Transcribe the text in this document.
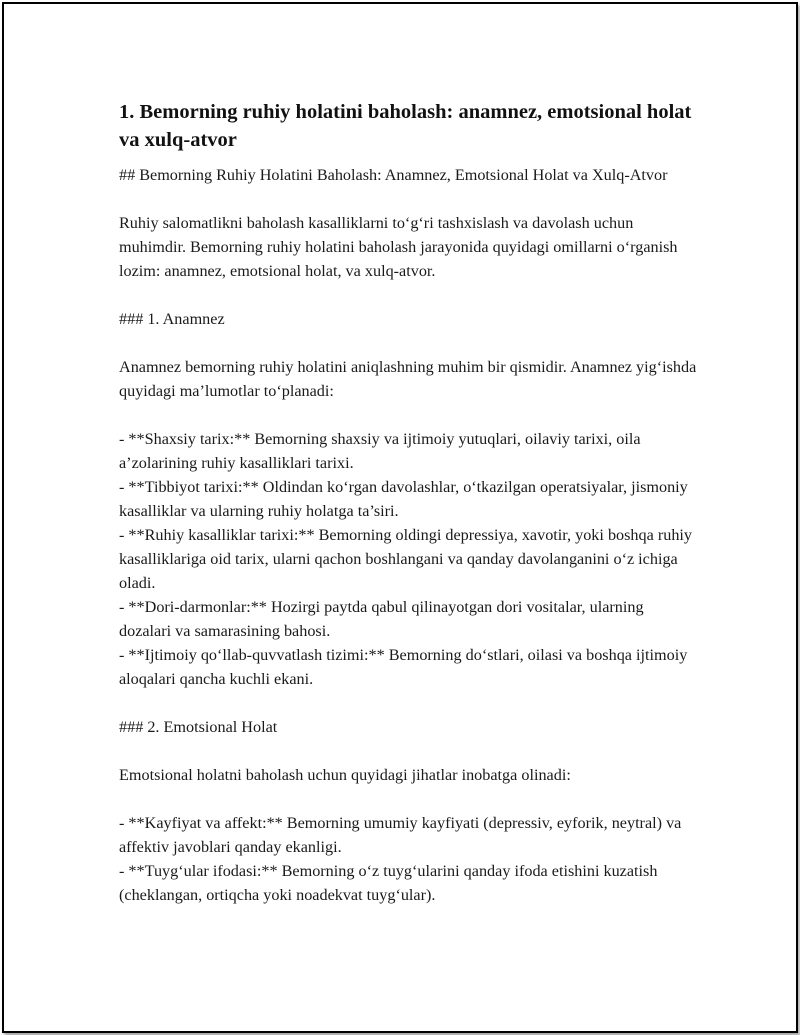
1. Bemorning ruhiy holatini baholash: anamnez, emotsional holat va xulq-atvor

## Bemorning Ruhiy Holatini Baholash: Anamnez, Emotsional Holat va Xulq-Atvor

Ruhiy salomatlikni baholash kasalliklarni to‘g‘ri tashxislash va davolash uchun muhimdir. Bemorning ruhiy holatini baholash jarayonida quyidagi omillarni o‘rganish lozim: anamnez, emotsional holat, va xulq-atvor.

### 1. Anamnez

Anamnez bemorning ruhiy holatini aniqlashning muhim bir qismidir. Anamnez yig‘ishda quyidagi ma’lumotlar to‘planadi:

- **Shaxsiy tarix:** Bemorning shaxsiy va ijtimoiy yutuqlari, oilaviy tarixi, oila a’zolarining ruhiy kasalliklari tarixi.
- **Tibbiyot tarixi:** Oldindan ko‘rgan davolashlar, o‘tkazilgan operatsiyalar, jismoniy kasalliklar va ularning ruhiy holatga ta’siri.
- **Ruhiy kasalliklar tarixi:** Bemorning oldingi depressiya, xavotir, yoki boshqa ruhiy kasalliklariga oid tarix, ularni qachon boshlangani va qanday davolanganini o‘z ichiga oladi.
- **Dori-darmonlar:** Hozirgi paytda qabul qilinayotgan dori vositalar, ularning dozalari va samarasining bahosi.
- **Ijtimoiy qo‘llab-quvvatlash tizimi:** Bemorning do‘stlari, oilasi va boshqa ijtimoiy aloqalari qancha kuchli ekani.

### 2. Emotsional Holat

Emotsional holatni baholash uchun quyidagi jihatlar inobatga olinadi:

- **Kayfiyat va affekt:** Bemorning umumiy kayfiyati (depressiv, eyforik, neytral) va affektiv javoblari qanday ekanligi.
- **Tuyg‘ular ifodasi:** Bemorning o‘z tuyg‘ularini qanday ifoda etishini kuzatish (cheklangan, ortiqcha yoki noadekvat tuyg‘ular).
